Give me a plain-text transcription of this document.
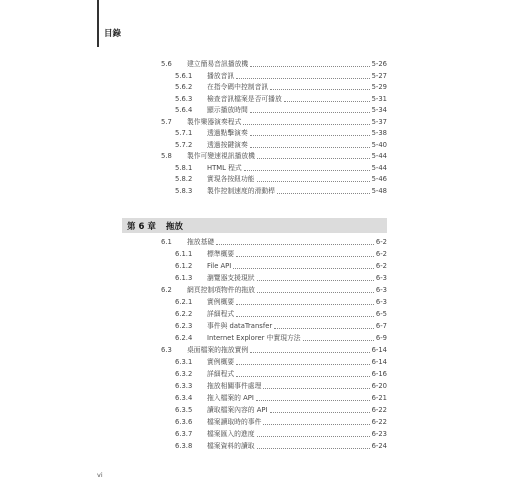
目錄
5.6	建立簡易音訊播放機	5-26
5.6.1	播放音訊	5-27
5.6.2	在指令碼中控制音訊	5-29
5.6.3	檢查音訊檔案是否可播放	5-31
5.6.4	顯示播放時間	5-34
5.7	製作樂器演奏程式	5-37
5.7.1	透過點擊演奏	5-38
5.7.2	透過按鍵演奏	5-40
5.8	製作可變速視訊播放機	5-44
5.8.1	HTML 程式	5-44
5.8.2	實現各按鈕功能	5-46
5.8.3	製作控制速度的滑動桿	5-48
第 6 章 拖放
6.1	拖放基礎	6-2
6.1.1	標準概要	6-2
6.1.2	File API	6-2
6.1.3	瀏覽器支援現狀	6-3
6.2	網頁控制項物件的拖放	6-3
6.2.1	實例概要	6-3
6.2.2	詳細程式	6-5
6.2.3	事件與 dataTransfer	6-7
6.2.4	Internet Explorer 中實現方法	6-9
6.3	桌面檔案的拖放實例	6-14
6.3.1	實例概要	6-14
6.3.2	詳細程式	6-16
6.3.3	拖放相關事件處理	6-20
6.3.4	拖入檔案的 API	6-21
6.3.5	讀取檔案內容的 API	6-22
6.3.6	檔案讀取時的事件	6-22
6.3.7	檔案匯入的進度	6-23
6.3.8	檔案資料的讀取	6-24
vi
